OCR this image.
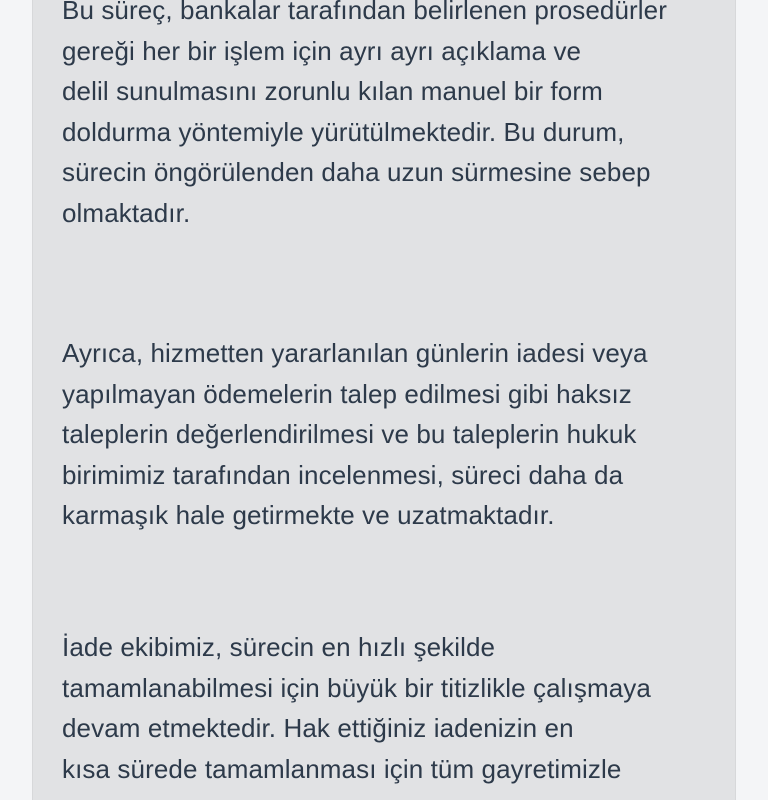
Bu süreç, bankalar tarafından belirlenen prosedürler
gereği her bir işlem için ayrı ayrı açıklama ve
delil sunulmasını zorunlu kılan manuel bir form
doldurma yöntemiyle yürütülmektedir. Bu durum,
sürecin öngörülenden daha uzun sürmesine sebep
olmaktadır.

Ayrıca, hizmetten yararlanılan günlerin iadesi veya
yapılmayan ödemelerin talep edilmesi gibi haksız
taleplerin değerlendirilmesi ve bu taleplerin hukuk
birimimiz tarafından incelenmesi, süreci daha da
karmaşık hale getirmekte ve uzatmaktadır.

İade ekibimiz, sürecin en hızlı şekilde
tamamlanabilmesi için büyük bir titizlikle çalışmaya
devam etmektedir. Hak ettiğiniz iadenizin en
kısa sürede tamamlanması için tüm gayretimizle
